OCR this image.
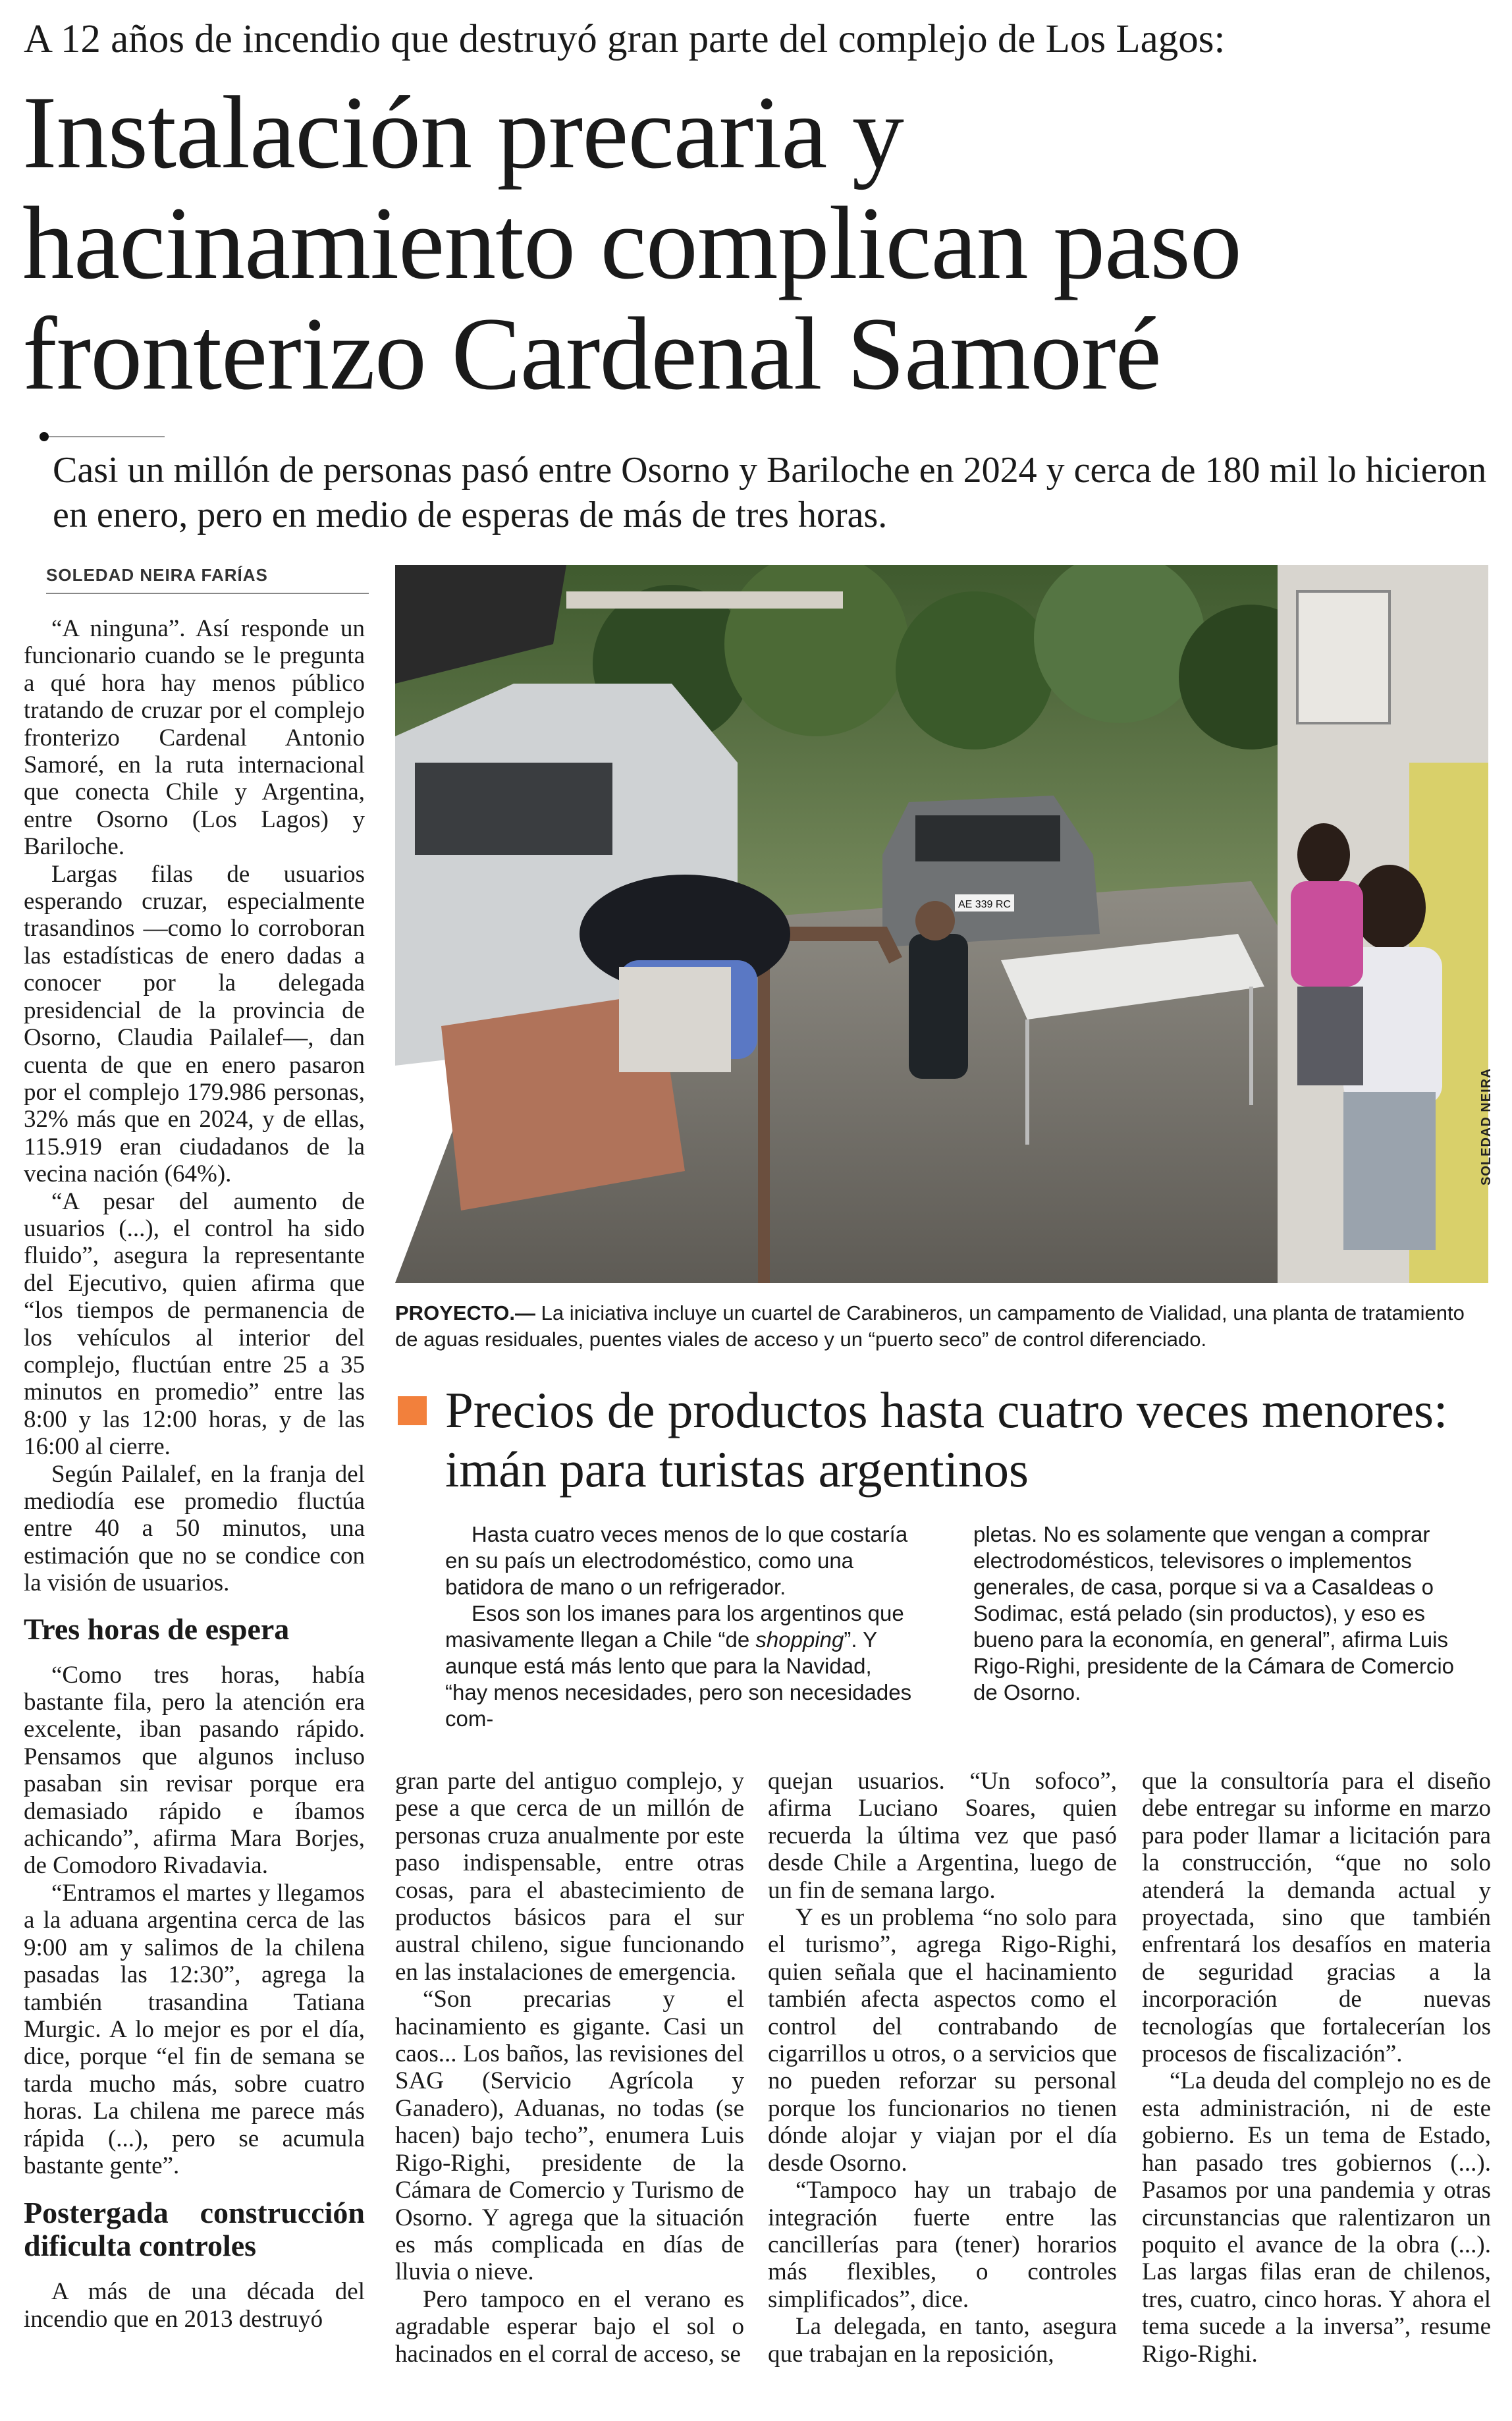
A 12 años de incendio que destruyó gran parte del complejo de Los Lagos:
Instalación precaria y
hacinamiento complican paso
fronterizo Cardenal Samoré
Casi un millón de personas pasó entre Osorno y Bariloche en 2024 y cerca de 180 mil lo hicieron en enero, pero en medio de esperas de más de tres horas.
SOLEDAD NEIRA FARÍAS

“A ninguna”. Así responde un funcionario cuando se le pregunta a qué hora hay menos público tratando de cruzar por el complejo fronterizo Cardenal Antonio Samoré, en la ruta internacional que conecta Chile y Argentina, entre Osorno (Los Lagos) y Bariloche.

Largas filas de usuarios esperando cruzar, especialmente trasandinos —como lo corroboran las estadísticas de enero dadas a conocer por la delegada presidencial de la provincia de Osorno, Claudia Pailalef—, dan cuenta de que en enero pasaron por el complejo 179.986 personas, 32% más que en 2024, y de ellas, 115.919 eran ciudadanos de la vecina nación (64%).

“A pesar del aumento de usuarios (...), el control ha sido fluido”, asegura la representante del Ejecutivo, quien afirma que “los tiempos de permanencia de los vehículos al interior del complejo, fluctúan entre 25 a 35 minutos en promedio” entre las 8:00 y las 12:00 horas, y de las 16:00 al cierre.

Según Pailalef, en la franja del mediodía ese promedio fluctúa entre 40 a 50 minutos, una estimación que no se condice con la visión de usuarios.

Tres horas de espera

“Como tres horas, había bastante fila, pero la atención era excelente, iban pasando rápido. Pensamos que algunos incluso pasaban sin revisar porque era demasiado rápido e íbamos achicando”, afirma Mara Borjes, de Comodoro Rivadavia.

“Entramos el martes y llegamos a la aduana argentina cerca de las 9:00 am y salimos de la chilena pasadas las 12:30”, agrega la también trasandina Tatiana Murgic. A lo mejor es por el día, dice, porque “el fin de semana se tarda mucho más, sobre cuatro horas. La chilena me parece más rápida (...), pero se acumula bastante gente”.

Postergada construcción dificulta controles

A más de una década del incendio que en 2013 destruyó

AE 339 RC
SOLEDAD NEIRA
PROYECTO.— La iniciativa incluye un cuartel de Carabineros, un campamento de Vialidad, una planta de tratamiento de aguas residuales, puentes viales de acceso y un “puerto seco” de control diferenciado.
Precios de productos hasta cuatro veces menores: imán para turistas argentinos

Hasta cuatro veces menos de lo que costaría en su país un electrodoméstico, como una batidora de mano o un refrigerador.

Esos son los imanes para los argentinos que masivamente llegan a Chile “de shopping”. Y aunque está más lento que para la Navidad, “hay menos necesidades, pero son necesidades com-

pletas. No es solamente que vengan a comprar electrodomésticos, televisores o implementos generales, de casa, porque si va a CasaIdeas o Sodimac, está pelado (sin productos), y eso es bueno para la economía, en general”, afirma Luis Rigo-Righi, presidente de la Cámara de Comercio de Osorno.

gran parte del antiguo complejo, y pese a que cerca de un millón de personas cruza anualmente por este paso indispensable, entre otras cosas, para el abastecimiento de productos básicos para el sur austral chileno, sigue funcionando en las instalaciones de emergencia.

“Son precarias y el hacinamiento es gigante. Casi un caos... Los baños, las revisiones del SAG (Servicio Agrícola y Ganadero), Aduanas, no todas (se hacen) bajo techo”, enumera Luis Rigo-Righi, presidente de la Cámara de Comercio y Turismo de Osorno. Y agrega que la situación es más complicada en días de lluvia o nieve.

Pero tampoco en el verano es agradable esperar bajo el sol o hacinados en el corral de acceso, se

quejan usuarios. “Un sofoco”, afirma Luciano Soares, quien recuerda la última vez que pasó desde Chile a Argentina, luego de un fin de semana largo.

Y es un problema “no solo para el turismo”, agrega Rigo-Righi, quien señala que el hacinamiento también afecta aspectos como el control del contrabando de cigarrillos u otros, o a servicios que no pueden reforzar su personal porque los funcionarios no tienen dónde alojar y viajan por el día desde Osorno.

“Tampoco hay un trabajo de integración fuerte entre las cancillerías para (tener) horarios más flexibles, o controles simplificados”, dice.

La delegada, en tanto, asegura que trabajan en la reposición,

que la consultoría para el diseño debe entregar su informe en marzo para poder llamar a licitación para la construcción, “que no solo atenderá la demanda actual y proyectada, sino que también enfrentará los desafíos en materia de seguridad gracias a la incorporación de nuevas tecnologías que fortalecerían los procesos de fiscalización”.

“La deuda del complejo no es de esta administración, ni de este gobierno. Es un tema de Estado, han pasado tres gobiernos (...). Pasamos por una pandemia y otras circunstancias que ralentizaron un poquito el avance de la obra (...). Las largas filas eran de chilenos, tres, cuatro, cinco horas. Y ahora el tema sucede a la inversa”, resume Rigo-Righi.
